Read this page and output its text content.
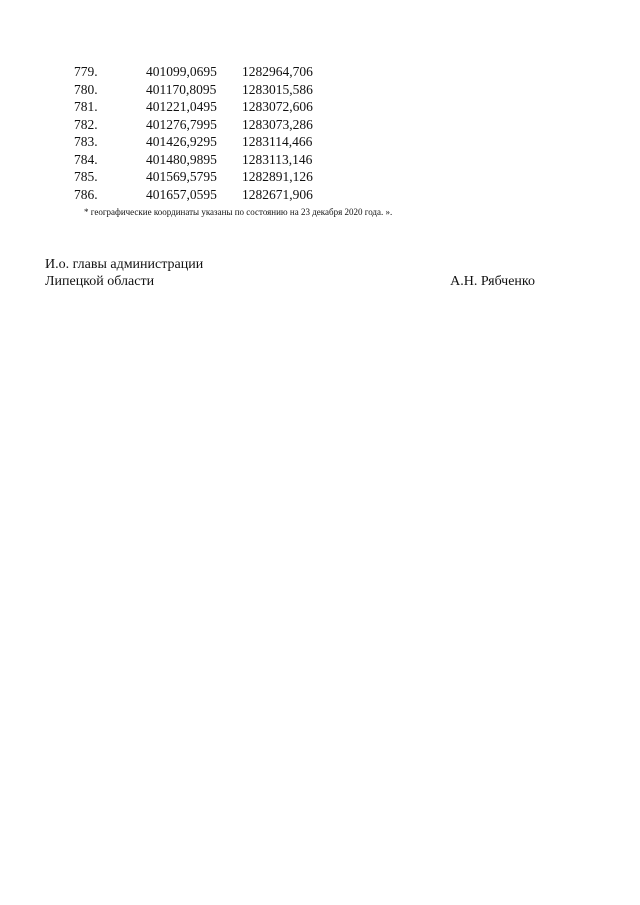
779.	401099,0695 1282964,706
780.	401170,8095 1283015,586
781.	401221,0495 1283072,606
782.	401276,7995 1283073,286
783.	401426,9295 1283114,466
784.	401480,9895 1283113,146
785.	401569,5795 1282891,126
786.	401657,0595 1282671,906
* географические координаты указаны по состоянию на 23 декабря 2020 года. ».
И.о. главы администрации
Липецкой области	А.Н. Рябченко
